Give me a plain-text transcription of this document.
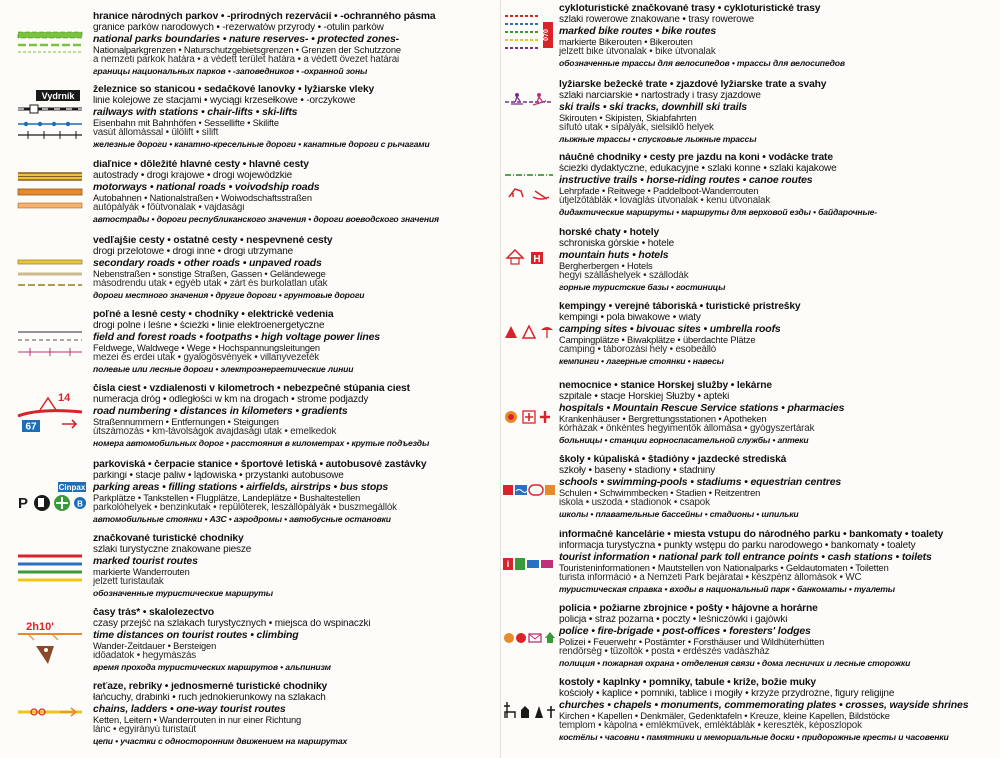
hranice národných parkov • -prírodných rezervácií • -ochranného pásma
granice parków narodowych • -rezerwatów przyrody • -otulin parków
national parks boundaries • nature reserves- • protected zones-
Nationalparkgrenzen • Naturschutzgebietsgrenzen • Grenzen der Schutzzone
a nemzeti parkok határa • a védett terület határa • a védett övezet határai
границы национальных парков • -заповедников • -охранной зоны
Vydrník
železnice so stanicou • sedačkové lanovky • lyžiarske vleky
linie kolejowe ze stacjami • wyciągi krzesełkowe • -orczykowe
railways with stations • chair-lifts • ski-lifts
Eisenbahn mit Bahnhöfen • Sessellifte • Skilifte
vasút állomással • ülőlift • sílift
железные дороги • канатно-кресельные дороги • канатные дороги с рычагами
diaľnice • dôležité hlavné cesty • hlavné cesty
autostrady • drogi krajowe • drogi wojewódzkie
motorways • national roads • voivodship roads
Autobahnen • Nationalstraßen • Woiwodschaftsstraßen
autópályák • főútvonalak • vajdasági
автострады • дороги республиканского значения • дороги воеводского значения
vedľajšie cesty • ostatné cesty • nespevnené cesty
drogi przelotowe • drogi inne • drogi utrzymane
secondary roads • other roads • unpaved roads
Nebenstraßen • sonstige Straßen, Gassen • Geländewege
másodrendu utak • egyéb utak • zárt és burkolatlan utak
дороги местного значения • другие дороги • грунтовые дороги
poľné a lesné cesty • chodníky • elektrické vedenia
drogi polne i leśne • ścieżki • linie elektroenergetyczne
field and forest roads • footpaths • high voltage power lines
Feldwege, Waldwege • Wege • Hochspannungsleitungen
mezei és erdei utak • gyalogösvények • villanyvezeték
полевые или лесные дороги • электроэнергетические линии
14
67
čísla ciest • vzdialenosti v kilometroch • nebezpečné stúpania ciest
numeracja dróg • odległości w km na drogach • strome podjazdy
road numbering • distances in kilometers • gradients
Straßennummern • Entfernungen • Steigungen
útszámozás • km-távolságok avajdasági utak • emelkedok
номера автомобильных дорог • расстояния в километрах • крутые подъезды
Cinpax
P	B
parkoviská • čerpacie stanice • športové letiská • autobusové zastávky
parkingi • stacje paliw • lądowiska • przystanki autobusowe
parking areas • filling stations • airfields, airstrips • bus stops
Parkplätze • Tankstellen • Flugplätze, Landeplätze • Bushaltestellen
parkolóhelyek • benzinkutak • repülőterek, leszállópályák • buszmegállók
автомобильные стоянки • АЗС • аэродромы • автобусные остановки
značkované turistické chodníky
szlaki turystyczne znakowane piesze
marked tourist routes
markierte Wanderrouten
jelzett turistautak
обозначенные туристические маршруты
2h10'
časy trás* • skalolezectvo
czasy przejść na szlakach turystycznych • miejsca do wspinaczki
time distances on tourist routes • climbing
Wander-Zeitdauer • Bersteigen
időadatok • hegymászás
время прохода туристических маршрутов • альпинизм
reťaze, rebríky • jednosmerné turistické chodníky
łańcuchy, drabinki • ruch jednokierunkowy na szlakach
chains, ladders • one-way tourist routes
Ketten, Leitern • Wanderrouten in nur einer Richtung
lánc • egyirányú turistaút
цепи • участки с односторонним движением на маршрутах
070
cykloturistické značkované trasy • cykloturistické trasy
szlaki rowerowe znakowane • trasy rowerowe
marked bike routes • bike routes
markierte Bikerouten • Bikerouten
jelzett bike útvonalak • bike útvonalak
обозначенные трассы для велосипедов • трассы для велосипедов
lyžiarske bežecké trate • zjazdové lyžiarske trate a svahy
szlaki narciarskie • nartostrady i trasy zjazdowe
ski trails • ski tracks, downhill ski trails
Skirouten • Skipisten, Skiabfahrten
sífutó utak • sípályák, sielsiklő helyek
лыжные трассы • спусковые лыжные трассы
náučné chodníky • cesty pre jazdu na koni • vodácke trate
ścieżki dydaktyczne, edukacyjne • szlaki konne • szlaki kajakowe
instructive trails • horse-riding routes • canoe routes
Lehrpfade • Reitwege • Paddelboot-Wanderrouten
útjelzőtáblák • lovaglás útvonalak • kenu útvonalak
дидактические маршруты • маршруты для верховой езды • байдарочные-
H
horské chaty • hotely
schroniska górskie • hotele
mountain huts • hotels
Bergherbergen • Hotels
hegyi szálláshelyek • szállodák
горные туристские базы • гостиницы
kempingy • verejné táboriská • turistické prístrešky
kempingi • pola biwakowe • wiaty
camping sites • bivouac sites • umbrella roofs
Campingplätze • Biwakplätze • überdachte Plätze
camping • táborozási hely • esobeálló
кемпинги • лагерные стоянки • навесы
nemocnice • stanice Horskej služby • lekárne
szpitale • stacje Horskiej Służby • apteki
hospitals • Mountain Rescue Service stations • pharmacies
Krankenhäuser • Bergrettungsstationen • Apotheken
kórházak • önkéntes hegyimentők állomása • gyógyszertárak
больницы • станции горноспасательной службы • аптеки
školy • kúpaliská • štadióny • jazdecké strediská
szkoły • baseny • stadiony • stadniny
schools • swimming-pools • stadiums • equestrian centres
Schulen • Schwimmbecken • Stadien • Reitzentren
iskola • uszoda • stadionok • csapok
школы • плавательные бассейны • стадионы • шпильки
i
informačné kancelárie • miesta vstupu do národného parku • bankomaty • toalety
informacja turystyczna • punkty wstępu do parku narodowego • bankomaty • toalety
tourist information • national park toll entrance points • cash stations • toilets
Touristeninformationen • Mautstellen von Nationalparks • Geldautomaten • Toiletten
turista információ • a Nemzeti Park bejáratai • készpénz állomások • WC
туристическая справка • входы в национальный парк • банкоматы • туалеты
polícia • požiarne zbrojnice • pošty • hájovne a horárne
policja • straż pożarna • poczty • leśniczówki i gajówki
police • fire-brigade • post-offices • foresters' lodges
Polizei • Feuerwehr • Postämter • Forsthäuser und Wildhüterhütten
rendőrség • tűzoltók • posta • erdészés vadászház
полиция • пожарная охрана • отделения связи • дома лесничих и лесные сторожки
kostoly • kaplnky • pomníky, tabule • kríže, božie muky
kościoły • kaplice • pomniki, tablice i mogiły • krzyże przydrożne, figury religijne
churches • chapels • monuments, commemorating plates • crosses, wayside shrines
Kirchen • Kapellen • Denkmäler, Gedenktafeln • Kreuze, kleine Kapellen, Bildstöcke
templom • kápolna • emlékművek, emléktáblák • kereszték, képoszlopok
костёлы • часовни • памятники и мемориальные доски • придорожные кресты и часовенки
